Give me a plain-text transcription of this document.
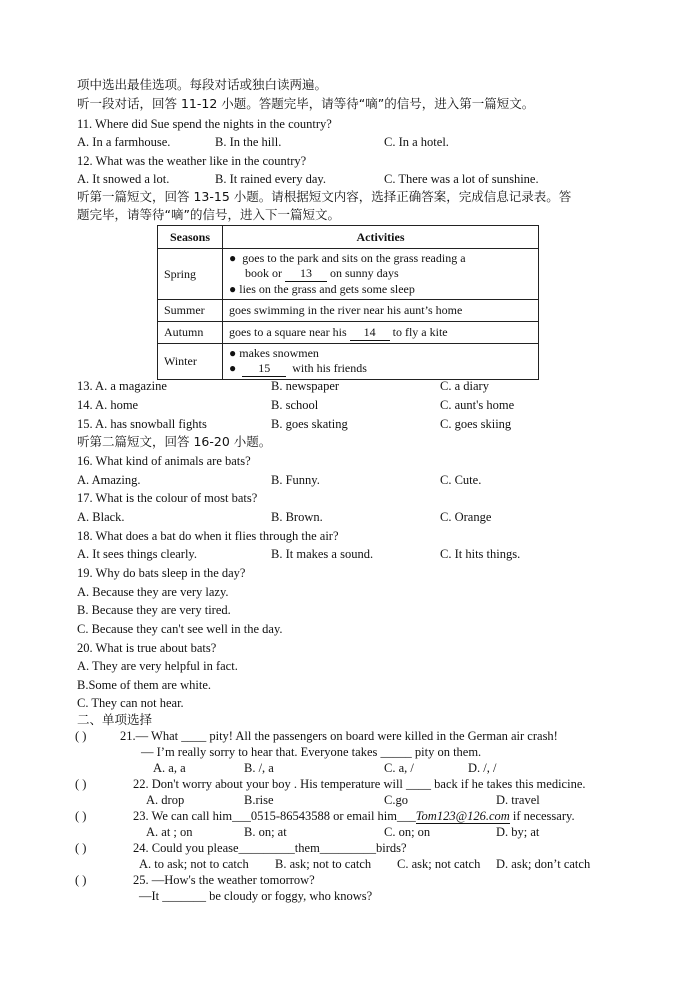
项中选出最佳选项。每段对话或独白读两遍。
听一段对话，回答 11-12 小题。答题完毕，请等待“嘀”的信号，进入第一篇短文。
11. Where did Sue spend the nights in the country?
A. In a farmhouse.	B. In the hill.	C. In a hotel.
12. What was the weather like in the country?
A. It snowed a lot.	B. It rained every day.	C. There was a lot of sunshine.
听第一篇短文，回答 13-15 小题。请根据短文内容，选择正确答案，完成信息记录表。答
题完毕，请等待“嘀”的信号，进入下一篇短文。
Seasons	Activities
Spring	● goes to the park and sits on the grass reading a
book or 13 on sunny days
● lies on the grass and gets some sleep

Summer	goes swimming in the river near his aunt’s home
Autumn	goes to a square near his 14 to fly a kite
Winter	● makes snowmen
● 15 with his friends
13. A. a magazine	B. newspaper	C. a diary
14. A. home	B. school	C. aunt's home
15. A. has snowball fights	B. goes skating	C. goes skiing
听第二篇短文，回答 16-20 小题。
16. What kind of animals are bats?
A. Amazing.	B. Funny.	C. Cute.
17. What is the colour of most bats?
A. Black.	B. Brown.	C. Orange
18. What does a bat do when it flies through the air?
A. It sees things clearly.	B. It makes a sound.	C. It hits things.
19. Why do bats sleep in the day?
A. Because they are very lazy.
B. Because they are very tired.
C. Because they can't see well in the day.
20. What is true about bats?
A. They are very helpful in fact.
B.Some of them are white.
C. They can not hear.
二、单项选择
( )	21.— What ____ pity! All the passengers on board were killed in the German air crash!
— I’m really sorry to hear that. Everyone takes _____ pity on them.
A. a, a	B. /, a	C. a, /	D. /, /
( )	22. Don't worry about your boy . His temperature will ____ back if he takes this medicine.
A. drop	B.rise	C.go	D. travel
( )	23. We can call him___0515-86543588 or email him___Tom123@126.com if necessary.
A. at ; on	B. on; at	C. on; on	D. by; at
( )	24. Could you please_________them_________birds?
A. to ask; not to catch B. ask; not to catch C. ask; not catch D. ask; don’t catch
( )	25. —How's the weather tomorrow?
—It _______ be cloudy or foggy, who knows?
